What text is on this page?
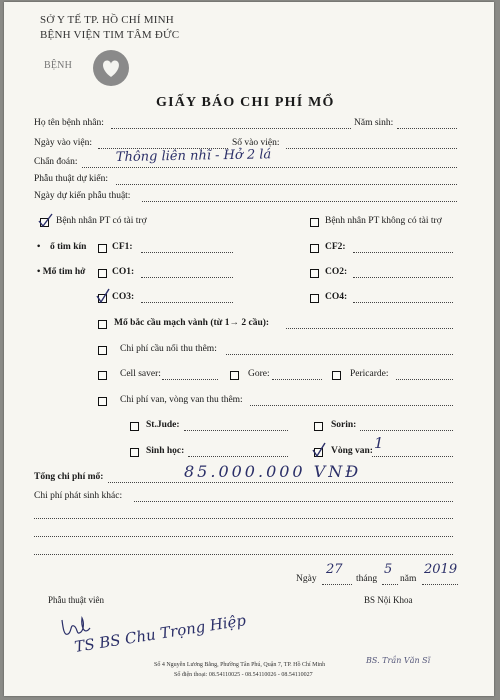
SỞ Y TẾ TP. HỒ CHÍ MINH
BỆNH VIỆN TIM TÂM ĐỨC
BỆNH
GIẤY BÁO CHI PHÍ MỔ
Họ tên bệnh nhân:	Năm sinh:
Ngày vào viện:	Số vào viện:
Chẩn đoán:	Thông liên nhĩ - Hở 2 lá
Phẫu thuật dự kiến:
Ngày dự kiến phẫu thuật:
Bệnh nhân PT có tài trợ	Bệnh nhân PT không có tài trợ
• ổ tim kín	CF1:	CF2:
• Mổ tim hở	CO1:	CO2:
CO3:	CO4:
Mổ bắc cầu mạch vành (từ 1→ 2 cầu):
Chi phí cầu nối thu thêm:
Cell saver:	Gore:	Pericarde:
Chi phí van, vòng van thu thêm:
St.Jude:	Sorin:
Sinh học:	Vòng van: 1
Tổng chi phí mổ:	85.000.000 VNĐ
Chi phí phát sinh khác:
Ngày
27
tháng
5
năm
2019
Phẫu thuật viên	BS Nội Khoa
TS BS Chu Trọng Hiệp
BS. Trần Văn Sĩ
Số 4 Nguyễn Lương Bằng, Phường Tân Phú, Quận 7, TP. Hồ Chí Minh
Số điện thoại: 08.54110025 - 08.54110026 - 08.54110027
